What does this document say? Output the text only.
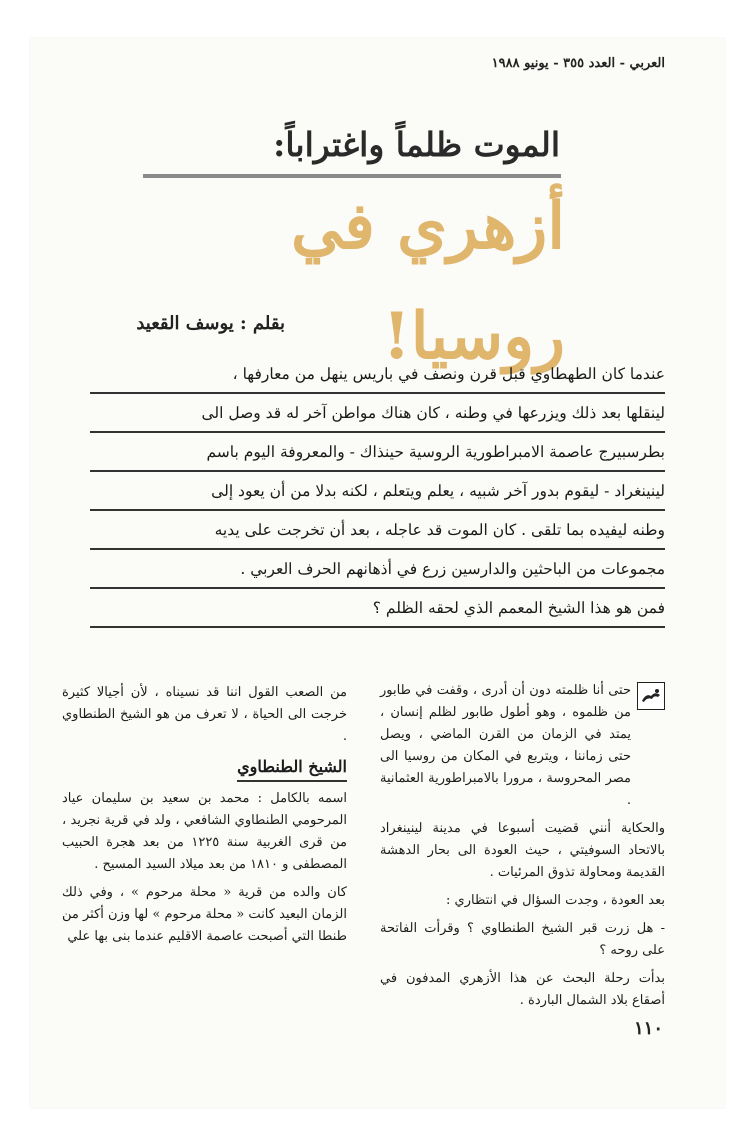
العربي - العدد ٣٥٥ - يونيو ١٩٨٨
الموت ظلماً واغتراباً:
أزهري في روسيا!
بقلم : يوسف القعيد
عندما كان الطهطاوي قبل قرن ونصف في باريس ينهل من معارفها ،
لينقلها بعد ذلك ويزرعها في وطنه ، كان هناك مواطن آخر له قد وصل الى
بطرسبيرج عاصمة الامبراطورية الروسية حينذاك - والمعروفة اليوم باسم
لينينغراد - ليقوم بدور آخر شبيه ، يعلم ويتعلم ، لكنه بدلا من أن يعود إلى
وطنه ليفيده بما تلقى . كان الموت قد عاجله ، بعد أن تخرجت على يديه
مجموعات من الباحثين والدارسين زرع في أذهانهم الحرف العربي .
فمن هو هذا الشيخ المعمم الذي لحقه الظلم ؟

حتى أنا ظلمته دون أن أدرى ، وقفت في طابور من ظلموه ، وهو أطول طابور لظلم إنسان ، يمتد في الزمان من القرن الماضي ، ويصل حتى زماننا ، ويتربع في المكان من روسيا الى مصر المحروسة ، مرورا بالامبراطورية العثمانية .

والحكاية أنني قضيت أسبوعا في مدينة لينينغراد بالاتحاد السوفيتي ، حيث العودة الى بحار الدهشة القديمة ومحاولة تذوق المرئيات .

بعد العودة ، وجدت السؤال في انتظاري :

- هل زرت قبر الشيخ الطنطاوي ؟ وقرأت الفاتحة على روحه ؟

بدأت رحلة البحث عن هذا الأزهري المدفون في أصقاع بلاد الشمال الباردة .

من الصعب القول اننا قد نسيناه ، لأن أجيالا كثيرة خرجت الى الحياة ، لا تعرف من هو الشيخ الطنطاوي .

الشيخ الطنطاوي

اسمه بالكامل : محمد بن سعيد بن سليمان عياد المرحومي الطنطاوي الشافعي ، ولد في قرية نجريد ، من قرى الغربية سنة ١٢٢٥ من بعد هجرة الحبيب المصطفى و ١٨١٠ من بعد ميلاد السيد المسيح .

كان والده من قرية « محلة مرحوم » ، وفي ذلك الزمان البعيد كانت « محلة مرحوم » لها وزن أكثر من طنطا التي أصبحت عاصمة الاقليم عندما بنى بها علي

١١٠
